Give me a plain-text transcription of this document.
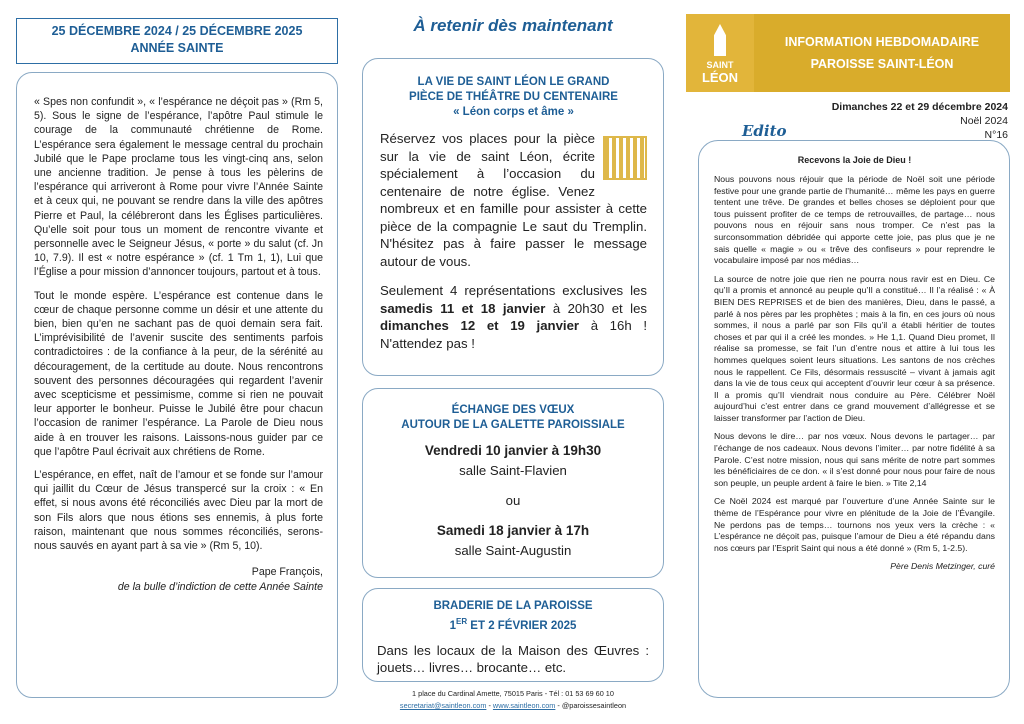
25 DÉCEMBRE 2024 / 25 DÉCEMBRE 2025
ANNÉE SAINTE

« Spes non confundit », « l’espérance ne déçoit pas » (Rm 5, 5). Sous le signe de l’espérance, l’apôtre Paul stimule le courage de la communauté chrétienne de Rome. L’espérance sera également le message central du prochain Jubilé que le Pape proclame tous les vingt-cinq ans, selon une ancienne tradition. Je pense à tous les pèlerins de l’espérance qui arriveront à Rome pour vivre l’Année Sainte et à ceux qui, ne pouvant se rendre dans la ville des apôtres Pierre et Paul, la célébreront dans les Églises particulières. Qu’elle soit pour tous un moment de rencontre vivante et personnelle avec le Seigneur Jésus, « porte » du salut (cf. Jn 10, 7.9). Il est « notre espérance » (cf. 1 Tm 1, 1), Lui que l’Église a pour mission d’annoncer toujours, partout et à tous.

Tout le monde espère. L’espérance est contenue dans le cœur de chaque personne comme un désir et une attente du bien, bien qu’en ne sachant pas de quoi demain sera fait. L’imprévisibilité de l’avenir suscite des sentiments parfois contradictoires : de la confiance à la peur, de la sérénité au découragement, de la certitude au doute. Nous rencontrons souvent des personnes découragées qui regardent l’avenir avec scepticisme et pessimisme, comme si rien ne pouvait leur apporter le bonheur. Puisse le Jubilé être pour chacun l’occasion de ranimer l’espérance. La Parole de Dieu nous aide à en trouver les raisons. Laissons-nous guider par ce que l’apôtre Paul écrivait aux chrétiens de Rome.

L’espérance, en effet, naît de l’amour et se fonde sur l’amour qui jaillit du Cœur de Jésus transpercé sur la croix : « En effet, si nous avons été réconciliés avec Dieu par la mort de son Fils alors que nous étions ses ennemis, à plus forte raison, maintenant que nous sommes réconciliés, serons-nous sauvés en ayant part à sa vie » (Rm 5, 10).

Pape François,
de la bulle d’indiction de cette Année Sainte
À retenir dès maintenant
LA VIE DE SAINT LÉON LE GRAND
PIÈCE DE THÉÂTRE DU CENTENAIRE
« Léon corps et âme »

Réservez vos places pour la pièce sur la vie de saint Léon, écrite spécialement à l’occasion du centenaire de notre église. Venez nombreux et en famille pour assister à cette pièce de la compagnie Le saut du Tremplin. N'hésitez pas à faire passer le message autour de vous.

Seulement 4 représentations exclusives les samedis 11 et 18 janvier à 20h30 et les dimanches 12 et 19 janvier à 16h ! N'attendez pas !

ÉCHANGE DES VŒUX
AUTOUR DE LA GALETTE PAROISSIALE
Vendredi 10 janvier à 19h30
salle Saint-Flavien
ou
Samedi 18 janvier à 17h
salle Saint-Augustin
BRADERIE DE LA PAROISSE
1ER ET 2 FÉVRIER 2025

Dans les locaux de la Maison des Œuvres : jouets… livres… brocante… etc.

1 place du Cardinal Amette, 75015 Paris - Tél : 01 53 69 60 10
secretariat@saintleon.com - www.saintleon.com - @paroissesaintleon
SAINT
LÉON
INFORMATION HEBDOMADAIRE
PAROISSE SAINT-LÉON
Dimanches 22 et 29 décembre 2024
Noël 2024
N°16
Edito
Recevons la Joie de Dieu !

Nous pouvons nous réjouir que la période de Noël soit une période festive pour une grande partie de l’humanité… même les pays en guerre tentent une trêve. De grandes et belles choses se déploient pour que tous puissent profiter de ce temps de retrouvailles, de partage… nous pouvons nous en réjouir sans nous tromper. Ce n’est pas la surconsommation débridée qui apporte cette joie, pas plus que je ne sais quelle « magie » ou « trêve des confiseurs » pour reprendre le vocabulaire imposé par nos médias…

La source de notre joie que rien ne pourra nous ravir est en Dieu. Ce qu’Il a promis et annoncé au peuple qu’Il a constitué… Il l’a réalisé : « À BIEN DES REPRISES et de bien des manières, Dieu, dans le passé, a parlé à nos pères par les prophètes ; mais à la fin, en ces jours où nous sommes, il nous a parlé par son Fils qu’il a établi héritier de toutes choses et par qui il a créé les mondes. » He 1,1. Quand Dieu promet, Il réalise sa promesse, se fait l’un d’entre nous et attire à lui tous les hommes quelques soient leurs situations. Les santons de nos crèches nous le rappellent. Ce Fils, désormais ressuscité – vivant à jamais agit dans la vie de tous ceux qui acceptent d’ouvrir leur cœur à sa présence. Il a promis qu’Il viendrait nous conduire au Père. Célébrer Noël aujourd’hui c’est entrer dans ce grand mouvement d’allégresse et se laisser transformer par l’action de Dieu.

Nous devons le dire… par nos vœux. Nous devons le partager… par l’échange de nos cadeaux. Nous devons l’imiter… par notre fidélité à sa Parole. C’est notre mission, nous qui sans mérite de notre part sommes les bénéficiaires de ce don. « il s’est donné pour nous pour faire de nous son peuple, un peuple ardent à faire le bien. » Tite 2,14

Ce Noël 2024 est marqué par l’ouverture d’une Année Sainte sur le thème de l’Espérance pour vivre en plénitude de la Joie de l’Évangile. Ne perdons pas de temps… tournons nos yeux vers la crèche : « L’espérance ne déçoit pas, puisque l’amour de Dieu a été répandu dans nos cœurs par l’Esprit Saint qui nous a été donné » (Rm 5, 1-2.5).

Père Denis Metzinger, curé
